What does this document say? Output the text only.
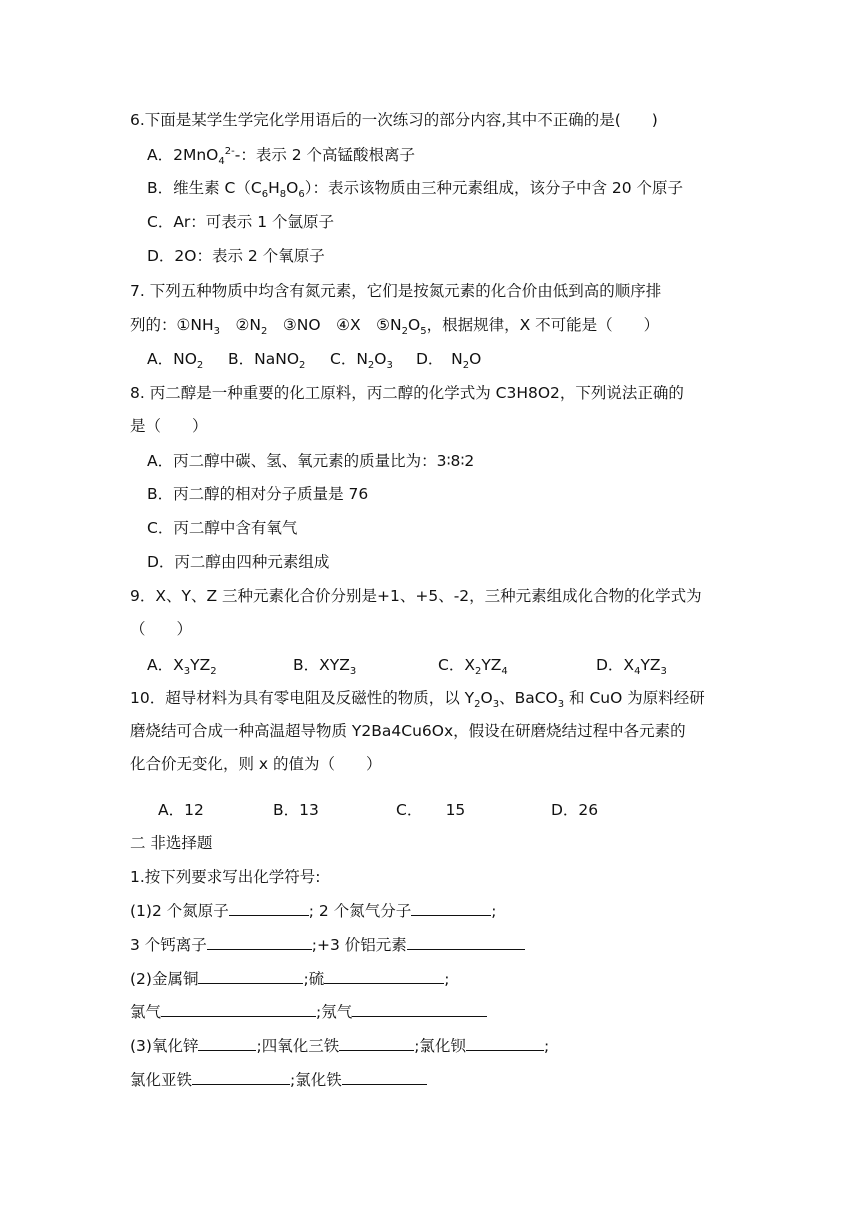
6.下面是某学生学完化学用语后的一次练习的部分内容,其中不正确的是(　　)
A．2MnO$_4^{2-}$-：表示 2 个高锰酸根离子
B．维生素 $C(C_6H_8O_6)$：表示该物质由三种元素组成，该分子中含 20 个原子
C．Ar：可表示 1 个氩原子
D．2O：表示 2 个氧原子
7. 下列五种物质中均含有氮元素，它们是按氮元素的化合价由低到高的顺序排
列的：$①NH_3$　$②N_2$　③NO　④X　$⑤N_2O_5$，根据规律，X 不可能是（　　）
A．$NO_2$ B．NaNO$_2$ C．$N_2O_3$ D．　$N_2O$
8. 丙二醇是一种重要的化工原料，丙二醇的化学式为 C3H8O2，下列说法正确的
是（　　）
A．丙二醇中碳、氢、氧元素的质量比为：3∶8∶2
B．丙二醇的相对分子质量是 76
C．丙二醇中含有氧气
D．丙二醇由四种元素组成
9．X、Y、Z 三种元素化合价分别是+1、+5、-2，三种元素组成化合物的化学式为
（　　）
A．$X_3YZ_2$	B．$XYZ_3$	C．$X_2YZ_4$	D．$X_4YZ_3$
10．超导材料为具有零电阻及反磁性的物质，以 $Y_2O_3$、BaCO$_3$ 和 CuO 为原料经研
磨烧结可合成一种高温超导物质 Y2Ba4Cu6Ox，假设在研磨烧结过程中各元素的
化合价无变化，则 x 的值为（　　）
A．12	B．13	C．　　15	D．26
二 非选择题
1.按下列要求写出化学符号:
(1)2 个氮原子	; 2 个氮气分子	;
3 个钙离子	;+3 价铝元素
(2)金属铜	;硫	;
氯气	;氖气
(3)氧化锌	;四氧化三铁	;氯化钡	;
氯化亚铁	;氯化铁
